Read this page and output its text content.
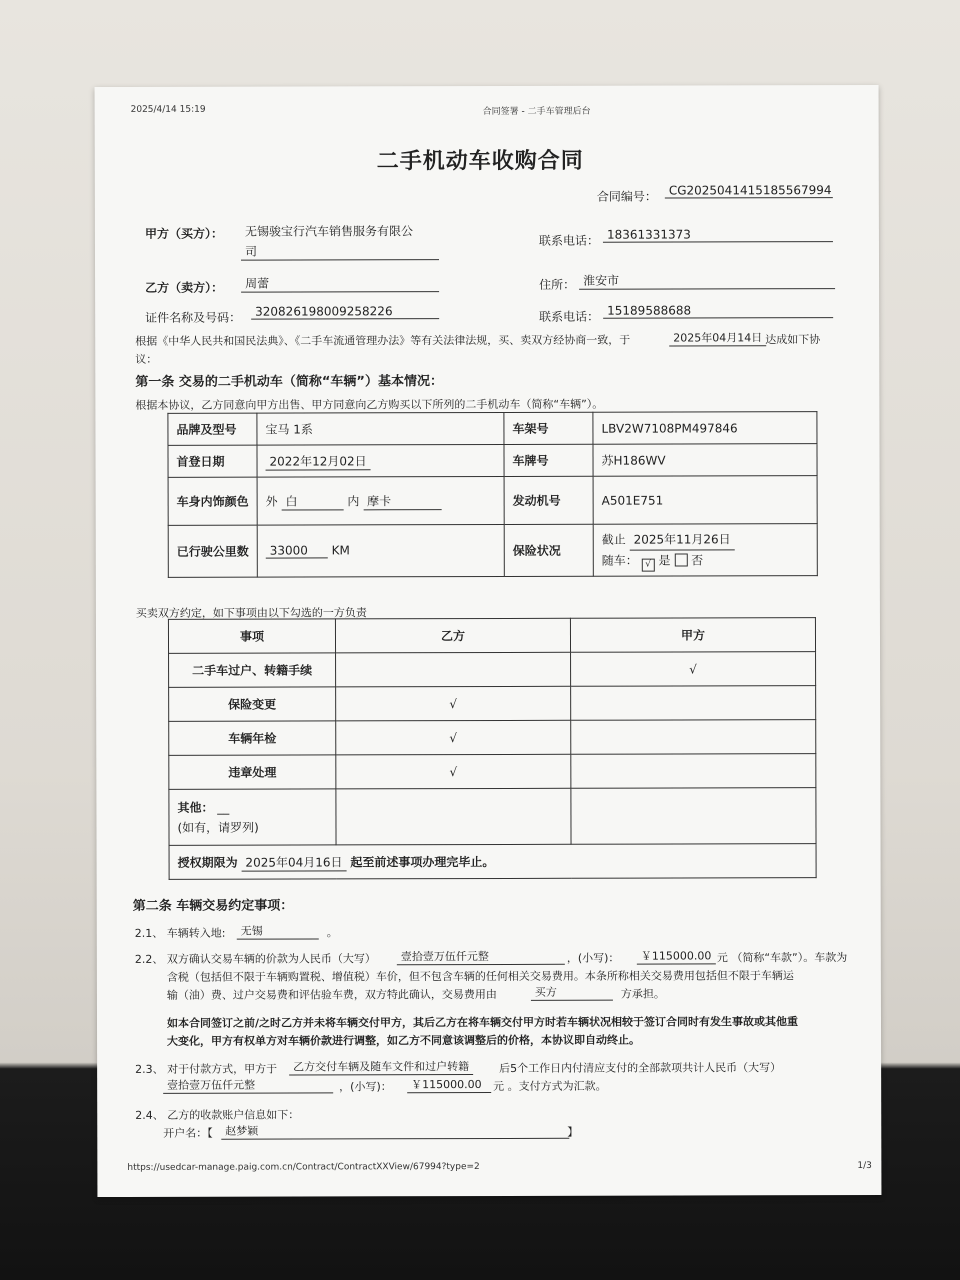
2025/4/14 15:19	合同签署 - 二手车管理后台
二手机动车收购合同
合同编号： CG2025041415185567994
甲方（买方）： 无锡骏宝行汽车销售服务有限公
司
联系电话： 18361331373
乙方（卖方）：	周蕾	住所： 淮安市
证件名称及号码：	320826198009258226	联系电话： 15189588688
根据《中华人民共和国民法典》、《二手车流通管理办法》等有关法律法规，买、卖双方经协商一致，于	2025年04月14日 达成如下协
议：
第一条 交易的二手机动车（简称“车辆”）基本情况：
根据本协议，乙方同意向甲方出售、甲方同意向乙方购买以下所列的二手机动车（简称“车辆”）。
品牌及型号	宝马 1系	车架号	LBV2W7108PM497846
首登日期	2022年12月02日	车牌号	苏H186WV
车身内饰颜色	外 白 内 摩卡	发动机号	A501E751
已行驶公里数	33000 KM	保险状况	截止 2025年11月26日
随车： √ 是 否
买卖双方约定，如下事项由以下勾选的一方负责
事项	乙方	甲方
二手车过户、转籍手续		√
保险变更	√	
车辆年检	√	
违章处理	√	
其他： __
(如有，请罗列)		
授权期限为 2025年04月16日 起至前述事项办理完毕止。		
第二条 车辆交易约定事项：
2.1、 车辆转入地:	无锡	。
2.2、 双方确认交易车辆的价款为人民币（大写）	壹拾壹万伍仟元整	，(小写)：	￥115000.00 元 （简称“车款”）。车款为
含税（包括但不限于车辆购置税、增值税）车价，但不包含车辆的任何相关交易费用。本条所称相关交易费用包括但不限于车辆运
输（油）费、过户交易费和评估验车费，双方特此确认，交易费用由	买方	方承担。
如本合同签订之前/之时乙方并未将车辆交付甲方，其后乙方在将车辆交付甲方时若车辆状况相较于签订合同时有发生事故或其他重
大变化，甲方有权单方对车辆价款进行调整，如乙方不同意该调整后的价格，本协议即自动终止。
2.3、 对于付款方式，甲方于	乙方交付车辆及随车文件和过户转籍	后5个工作日内付清应支付的全部款项共计人民币（大写）
壹拾壹万伍仟元整	，(小写)：	￥115000.00	元 。支付方式为汇款。
2.4、 乙方的收款账户信息如下：
开户名：【	赵梦颖	】
https://usedcar-manage.paig.com.cn/Contract/ContractXXView/67994?type=2	1/3
